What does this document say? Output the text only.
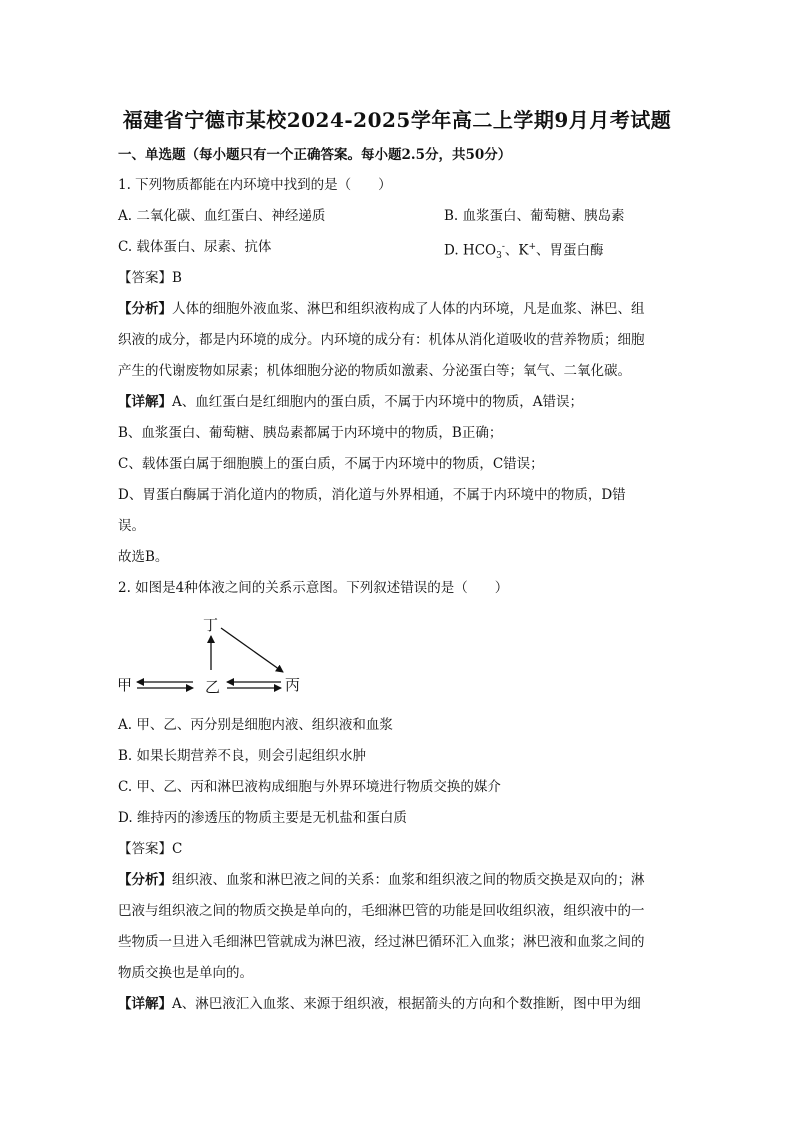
福建省宁德市某校2024-2025学年高二上学期9月月考试题
一、单选题（每小题只有一个正确答案。每小题2.5分，共50分）
1. 下列物质都能在内环境中找到的是（　　）
A. 二氧化碳、血红蛋白、神经递质	B. 血浆蛋白、葡萄糖、胰岛素
C. 载体蛋白、尿素、抗体	D. $HCO_3^-$、K+、胃蛋白酶
【答案】B
【分析】人体的细胞外液血浆、淋巴和组织液构成了人体的内环境，凡是血浆、淋巴、组
织液的成分，都是内环境的成分。内环境的成分有：机体从消化道吸收的营养物质；细胞
产生的代谢废物如尿素；机体细胞分泌的物质如激素、分泌蛋白等；氧气、二氧化碳。
【详解】A、血红蛋白是红细胞内的蛋白质，不属于内环境中的物质，A错误；
B、血浆蛋白、葡萄糖、胰岛素都属于内环境中的物质，B正确；
C、载体蛋白属于细胞膜上的蛋白质，不属于内环境中的物质，C错误；
D、胃蛋白酶属于消化道内的物质，消化道与外界相通，不属于内环境中的物质，D错
误。
故选B。
2. 如图是4种体液之间的关系示意图。下列叙述错误的是（　　）
丁
甲	乙	丙
A. 甲、乙、丙分别是细胞内液、组织液和血浆
B. 如果长期营养不良，则会引起组织水肿
C. 甲、乙、丙和淋巴液构成细胞与外界环境进行物质交换的媒介
D. 维持丙的渗透压的物质主要是无机盐和蛋白质
【答案】C
【分析】组织液、血浆和淋巴液之间的关系：血浆和组织液之间的物质交换是双向的；淋
巴液与组织液之间的物质交换是单向的，毛细淋巴管的功能是回收组织液，组织液中的一
些物质一旦进入毛细淋巴管就成为淋巴液，经过淋巴循环汇入血浆；淋巴液和血浆之间的
物质交换也是单向的。
【详解】A、淋巴液汇入血浆、来源于组织液，根据箭头的方向和个数推断，图中甲为细
